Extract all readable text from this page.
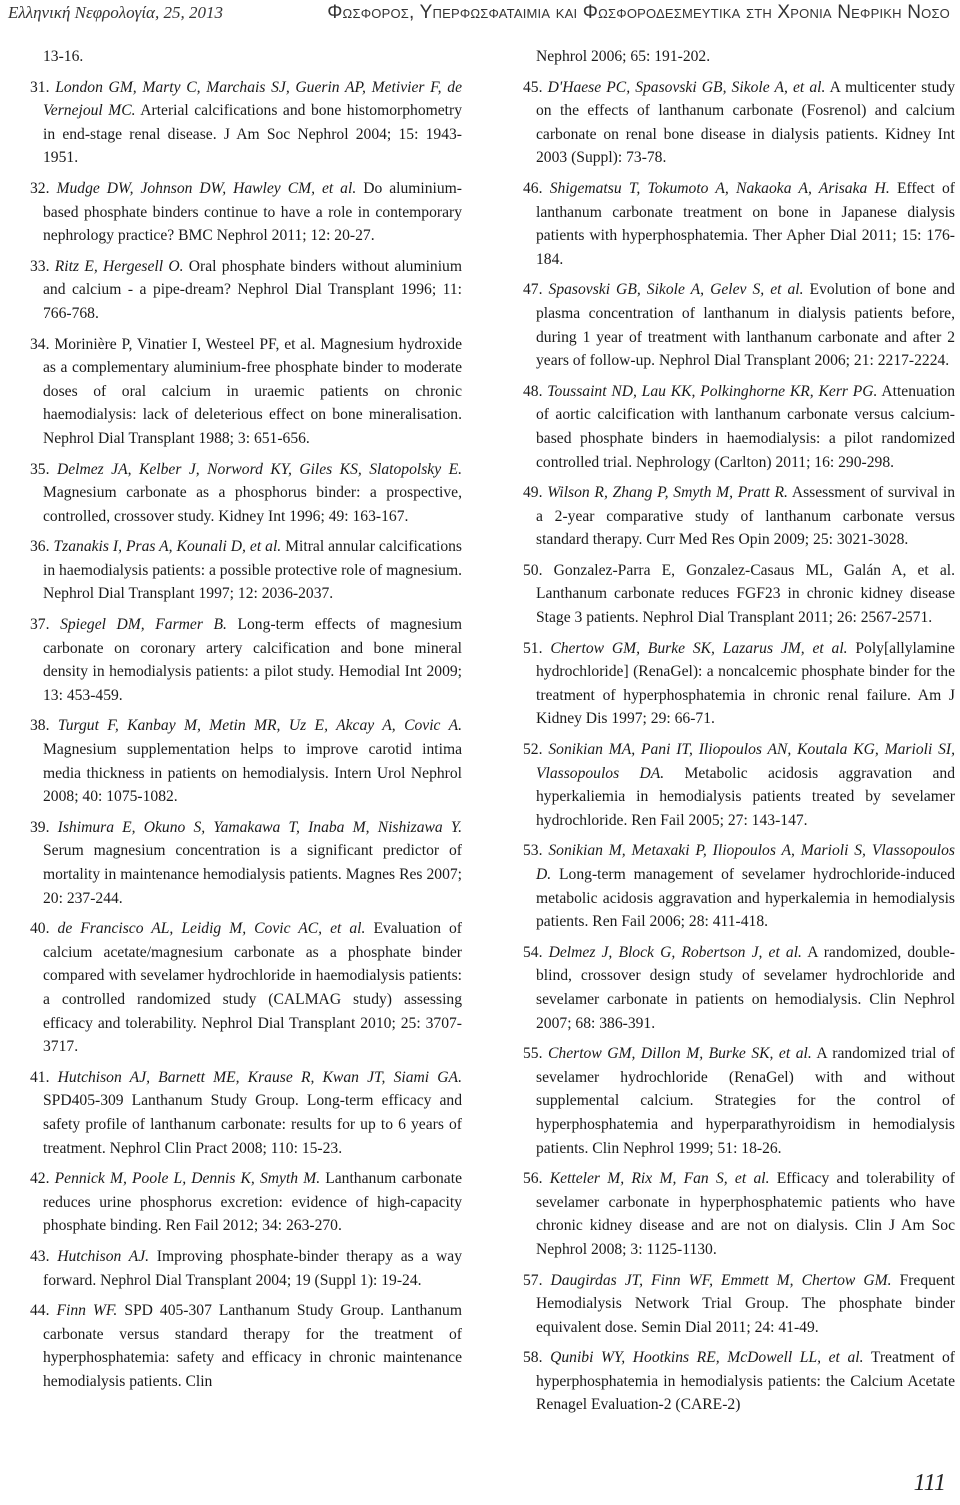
Ελληνική Νεφρολογία, 25, 2013	Φωσφορος, Υπερφωσφαταιμια και Φωσφοροδεσμευτικα στη Χρονια Νεφρικη Νοσο

13-16.

31. London GM, Marty C, Marchais SJ, Guerin AP, Metivier F, de Vernejoul MC. Arterial calcifications and bone histomorphometry in end-stage renal disease. J Am Soc Nephrol 2004; 15: 1943-1951.

32. Mudge DW, Johnson DW, Hawley CM, et al. Do aluminium-based phosphate binders continue to have a role in contemporary nephrology practice? BMC Nephrol 2011; 12: 20-27.

33. Ritz E, Hergesell O. Oral phosphate binders without aluminium and calcium - a pipe-dream? Nephrol Dial Transplant 1996; 11: 766-768.

34. Morinière P, Vinatier I, Westeel PF, et al. Magnesium hydroxide as a complementary aluminium-free phosphate binder to moderate doses of oral calcium in uraemic patients on chronic haemodialysis: lack of deleterious effect on bone mineralisation. Nephrol Dial Transplant 1988; 3: 651-656.

35. Delmez JA, Kelber J, Norword KY, Giles KS, Slatopolsky E. Magnesium carbonate as a phosphorus binder: a prospective, controlled, crossover study. Kidney Int 1996; 49: 163-167.

36. Tzanakis I, Pras A, Kounali D, et al. Mitral annular calcifications in haemodialysis patients: a possible protective role of magnesium. Nephrol Dial Transplant 1997; 12: 2036-2037.

37. Spiegel DM, Farmer B. Long-term effects of magnesium carbonate on coronary artery calcification and bone mineral density in hemodialysis patients: a pilot study. Hemodial Int 2009; 13: 453-459.

38. Turgut F, Kanbay M, Metin MR, Uz E, Akcay A, Covic A. Magnesium supplementation helps to improve carotid intima media thickness in patients on hemodialysis. Intern Urol Nephrol 2008; 40: 1075-1082.

39. Ishimura E, Okuno S, Yamakawa T, Inaba M, Nishizawa Y. Serum magnesium concentration is a significant predictor of mortality in maintenance hemodialysis patients. Magnes Res 2007; 20: 237-244.

40. de Francisco AL, Leidig M, Covic AC, et al. Evaluation of calcium acetate/magnesium carbonate as a phosphate binder compared with sevelamer hydrochloride in haemodialysis patients: a controlled randomized study (CALMAG study) assessing efficacy and tolerability. Nephrol Dial Transplant 2010; 25: 3707-3717.

41. Hutchison AJ, Barnett ME, Krause R, Kwan JT, Siami GA. SPD405-309 Lanthanum Study Group. Long-term efficacy and safety profile of lanthanum carbonate: results for up to 6 years of treatment. Nephrol Clin Pract 2008; 110: 15-23.

42. Pennick M, Poole L, Dennis K, Smyth M. Lanthanum carbonate reduces urine phosphorus excretion: evidence of high-capacity phosphate binding. Ren Fail 2012; 34: 263-270.

43. Hutchison AJ. Improving phosphate-binder therapy as a way forward. Nephrol Dial Transplant 2004; 19 (Suppl 1): 19-24.

44. Finn WF. SPD 405-307 Lanthanum Study Group. Lanthanum carbonate versus standard therapy for the treatment of hyperphosphatemia: safety and efficacy in chronic maintenance hemodialysis patients. Clin

Nephrol 2006; 65: 191-202.

45. D'Haese PC, Spasovski GB, Sikole A, et al. A multicenter study on the effects of lanthanum carbonate (Fosrenol) and calcium carbonate on renal bone disease in dialysis patients. Kidney Int 2003 (Suppl): 73-78.

46. Shigematsu T, Tokumoto A, Nakaoka A, Arisaka H. Effect of lanthanum carbonate treatment on bone in Japanese dialysis patients with hyperphosphatemia. Ther Apher Dial 2011; 15: 176-184.

47. Spasovski GB, Sikole A, Gelev S, et al. Evolution of bone and plasma concentration of lanthanum in dialysis patients before, during 1 year of treatment with lanthanum carbonate and after 2 years of follow-up. Nephrol Dial Transplant 2006; 21: 2217-2224.

48. Toussaint ND, Lau KK, Polkinghorne KR, Kerr PG. Attenuation of aortic calcification with lanthanum carbonate versus calcium-based phosphate binders in haemodialysis: a pilot randomized controlled trial. Nephrology (Carlton) 2011; 16: 290-298.

49. Wilson R, Zhang P, Smyth M, Pratt R. Assessment of survival in a 2-year comparative study of lanthanum carbonate versus standard therapy. Curr Med Res Opin 2009; 25: 3021-3028.

50. Gonzalez-Parra E, Gonzalez-Casaus ML, Galán A, et al. Lanthanum carbonate reduces FGF23 in chronic kidney disease Stage 3 patients. Nephrol Dial Transplant 2011; 26: 2567-2571.

51. Chertow GM, Burke SK, Lazarus JM, et al. Poly[allylamine hydrochloride] (RenaGel): a noncalcemic phosphate binder for the treatment of hyperphosphatemia in chronic renal failure. Am J Kidney Dis 1997; 29: 66-71.

52. Sonikian MA, Pani IT, Iliopoulos AN, Koutala KG, Marioli SI, Vlassopoulos DA. Metabolic acidosis aggravation and hyperkaliemia in hemodialysis patients treated by sevelamer hydrochloride. Ren Fail 2005; 27: 143-147.

53. Sonikian M, Metaxaki P, Iliopoulos A, Marioli S, Vlassopoulos D. Long-term management of sevelamer hydrochloride-induced metabolic acidosis aggravation and hyperkalemia in hemodialysis patients. Ren Fail 2006; 28: 411-418.

54. Delmez J, Block G, Robertson J, et al. A randomized, double-blind, crossover design study of sevelamer hydrochloride and sevelamer carbonate in patients on hemodialysis. Clin Nephrol 2007; 68: 386-391.

55. Chertow GM, Dillon M, Burke SK, et al. A randomized trial of sevelamer hydrochloride (RenaGel) with and without supplemental calcium. Strategies for the control of hyperphosphatemia and hyperparathyroidism in hemodialysis patients. Clin Nephrol 1999; 51: 18-26.

56. Ketteler M, Rix M, Fan S, et al. Efficacy and tolerability of sevelamer carbonate in hyperphosphatemic patients who have chronic kidney disease and are not on dialysis. Clin J Am Soc Nephrol 2008; 3: 1125-1130.

57. Daugirdas JT, Finn WF, Emmett M, Chertow GM. Frequent Hemodialysis Network Trial Group. The phosphate binder equivalent dose. Semin Dial 2011; 24: 41-49.

58. Qunibi WY, Hootkins RE, McDowell LL, et al. Treatment of hyperphosphatemia in hemodialysis patients: the Calcium Acetate Renagel Evaluation-2 (CARE-2)

111
